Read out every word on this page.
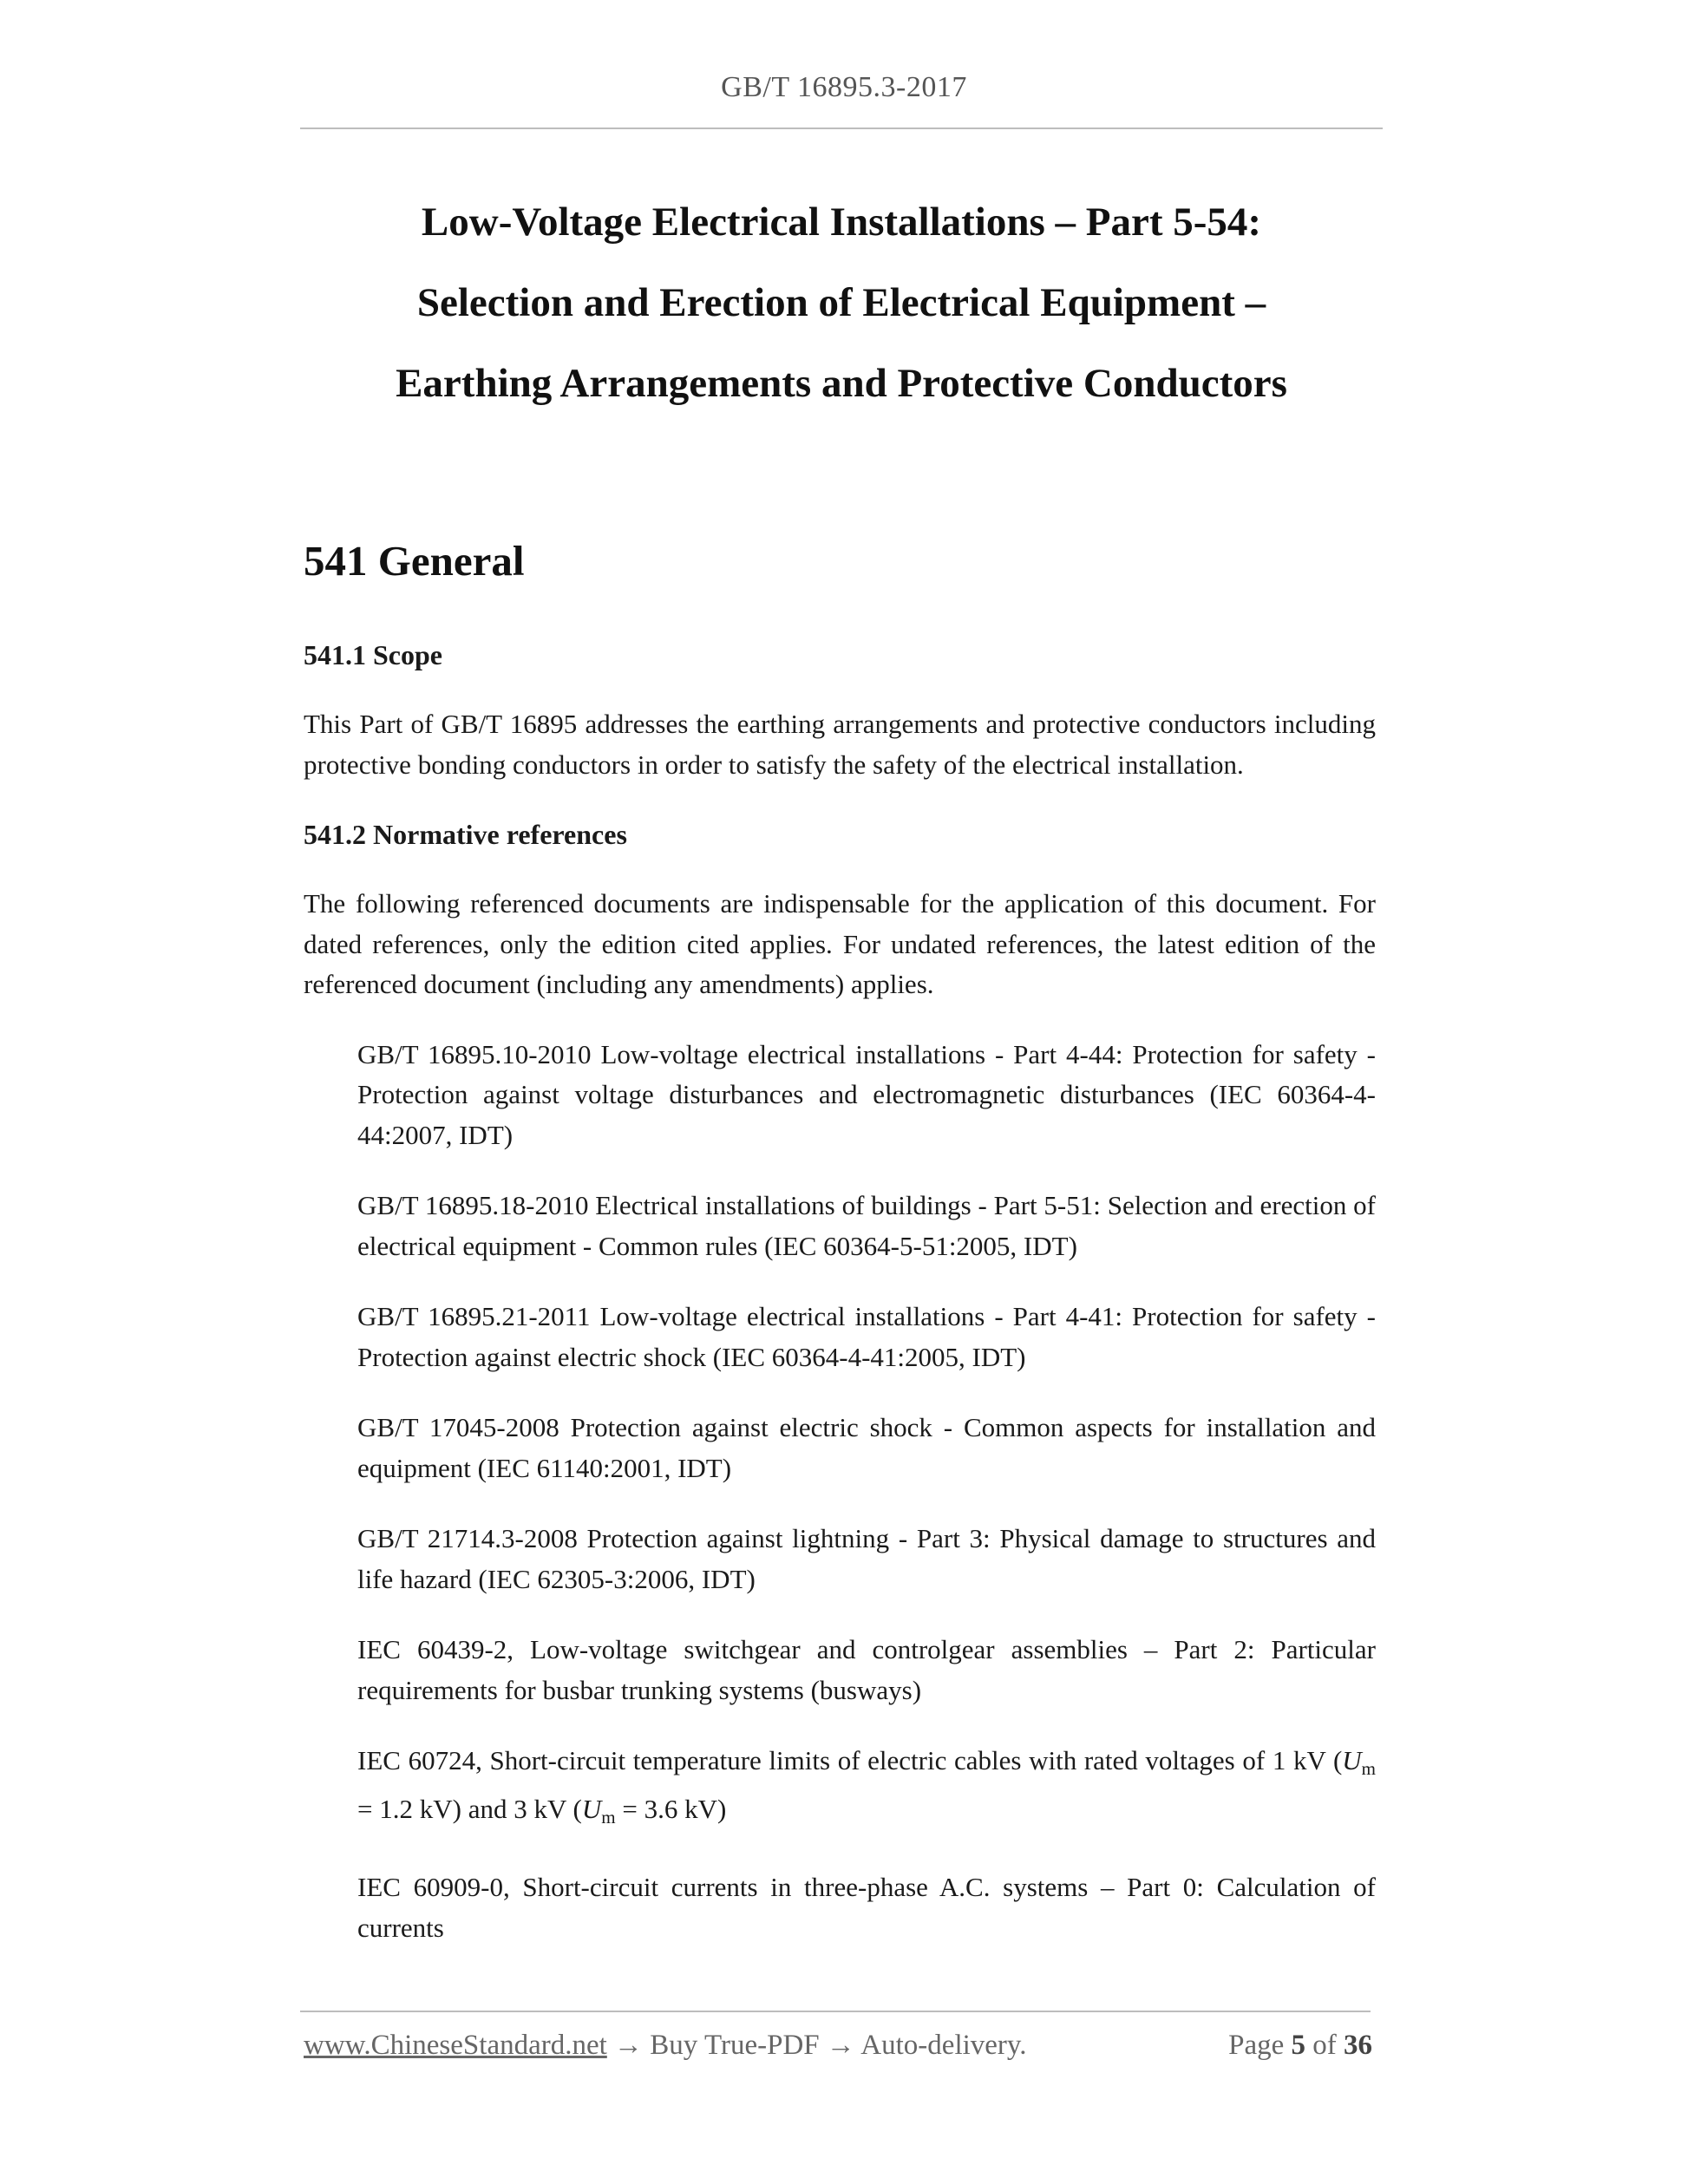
GB/T 16895.3-2017
Low-Voltage Electrical Installations – Part 5-54:
Selection and Erection of Electrical Equipment –
Earthing Arrangements and Protective Conductors
541 General
541.1 Scope

This Part of GB/T 16895 addresses the earthing arrangements and protective conductors including protective bonding conductors in order to satisfy the safety of the electrical installation.

541.2 Normative references

The following referenced documents are indispensable for the application of this document. For dated references, only the edition cited applies. For undated references, the latest edition of the referenced document (including any amendments) applies.

GB/T 16895.10-2010 Low-voltage electrical installations - Part 4-44: Protection for safety - Protection against voltage disturbances and electromagnetic disturbances (IEC 60364-4-44:2007, IDT)
GB/T 16895.18-2010 Electrical installations of buildings - Part 5-51: Selection and erection of electrical equipment - Common rules (IEC 60364-5-51:2005, IDT)
GB/T 16895.21-2011 Low-voltage electrical installations - Part 4-41: Protection for safety - Protection against electric shock (IEC 60364-4-41:2005, IDT)
GB/T 17045-2008 Protection against electric shock - Common aspects for installation and equipment (IEC 61140:2001, IDT)
GB/T 21714.3-2008 Protection against lightning - Part 3: Physical damage to structures and life hazard (IEC 62305-3:2006, IDT)
IEC 60439-2, Low-voltage switchgear and controlgear assemblies – Part 2: Particular requirements for busbar trunking systems (busways)
IEC 60724, Short-circuit temperature limits of electric cables with rated voltages of 1 kV ($U_m = 1.2$ kV) and 3 kV ($U_m = 3.6$ kV)
IEC 60909-0, Short-circuit currents in three-phase A.C. systems – Part 0: Calculation of currents
www.ChineseStandard.net → Buy True-PDF → Auto-delivery.	Page 5 of 36
